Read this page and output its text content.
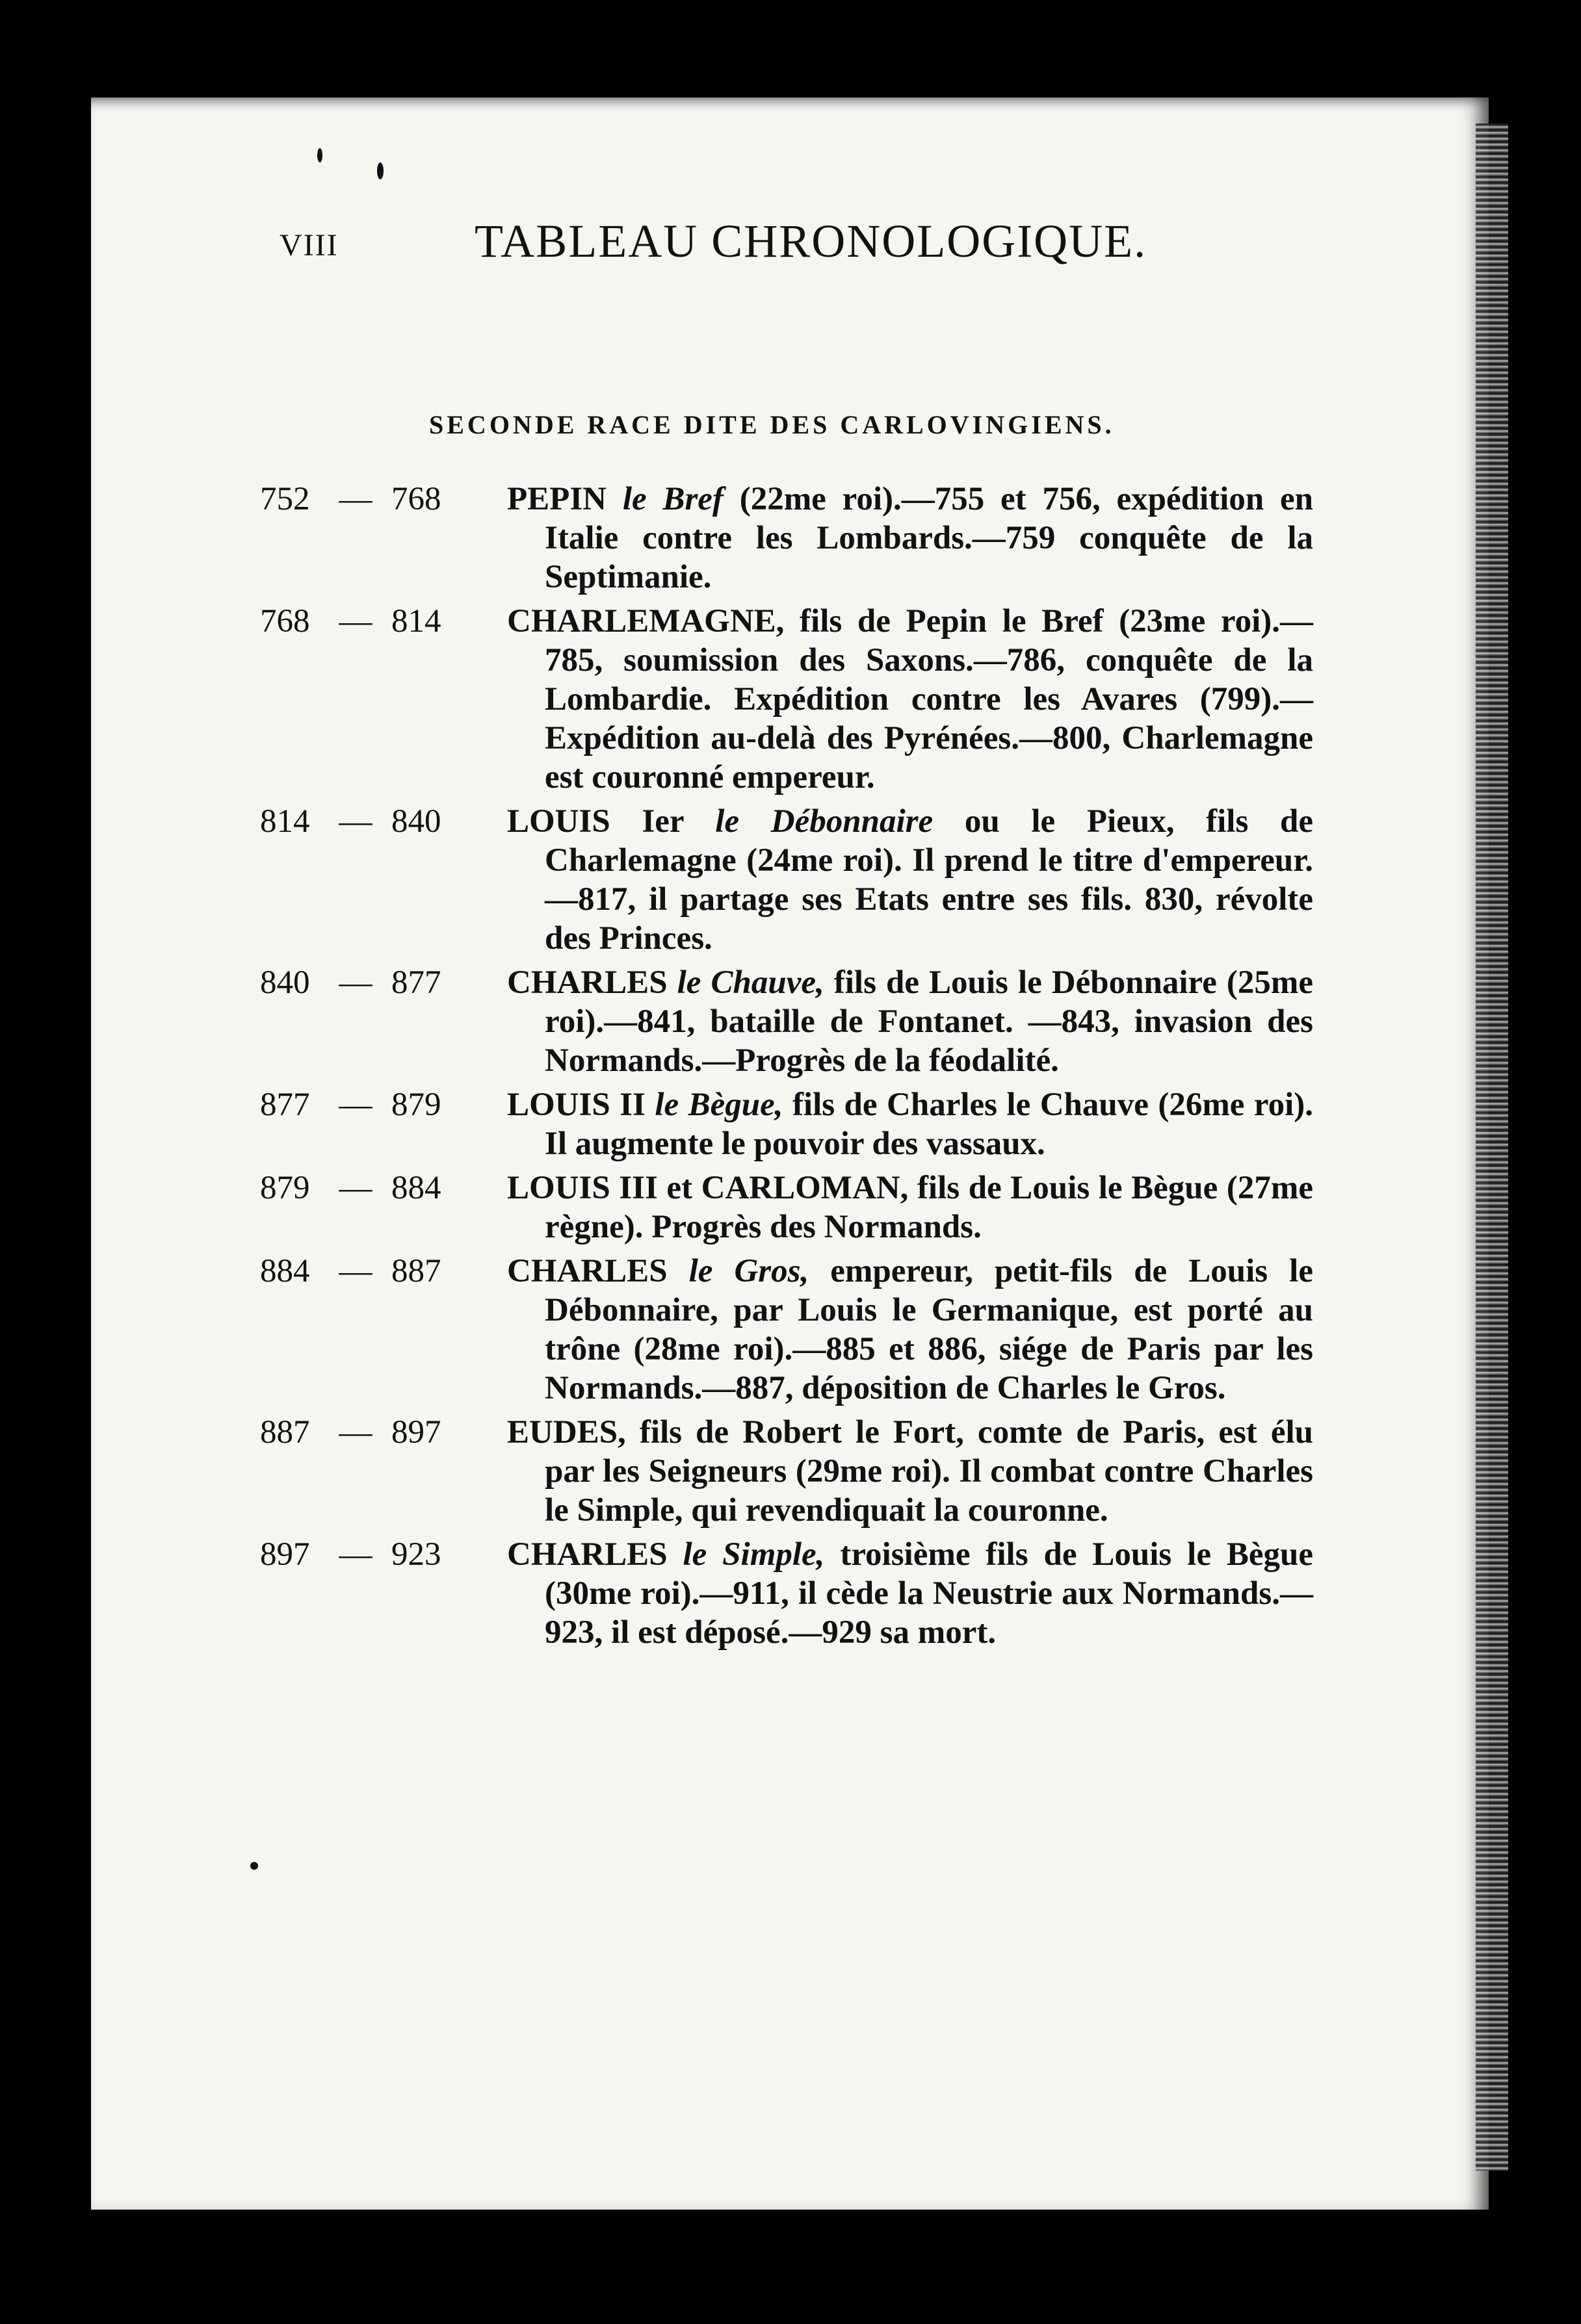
VIII	TABLEAU CHRONOLOGIQUE.
SECONDE RACE DITE DES CARLOVINGIENS.
752 — 768	PEPIN le Bref (22me roi).—755 et 756, expédition en Italie contre les Lombards.—759 conquête de la Septimanie.
768 — 814	CHARLEMAGNE, fils de Pepin le Bref (23me roi).—785, soumission des Saxons.—786, conquête de la Lombardie. Expédition contre les Avares (799).—Expédition au-delà des Pyrénées.—800, Charlemagne est couronné empereur.
814 — 840	LOUIS Ier le Débonnaire ou le Pieux, fils de Charlemagne (24me roi). Il prend le titre d'empereur.—817, il partage ses Etats entre ses fils. 830, révolte des Princes.
840 — 877	CHARLES le Chauve, fils de Louis le Débonnaire (25me roi).—841, bataille de Fontanet. —843, invasion des Normands.—Progrès de la féodalité.
877 — 879	LOUIS II le Bègue, fils de Charles le Chauve (26me roi). Il augmente le pouvoir des vassaux.
879 — 884	LOUIS III et CARLOMAN, fils de Louis le Bègue (27me règne). Progrès des Normands.
884 — 887	CHARLES le Gros, empereur, petit-fils de Louis le Débonnaire, par Louis le Germanique, est porté au trône (28me roi).—885 et 886, siége de Paris par les Normands.—887, déposition de Charles le Gros.
887 — 897	EUDES, fils de Robert le Fort, comte de Paris, est élu par les Seigneurs (29me roi). Il combat contre Charles le Simple, qui revendiquait la couronne.
897 — 923	CHARLES le Simple, troisième fils de Louis le Bègue (30me roi).—911, il cède la Neustrie aux Normands.—923, il est déposé.—929 sa mort.
